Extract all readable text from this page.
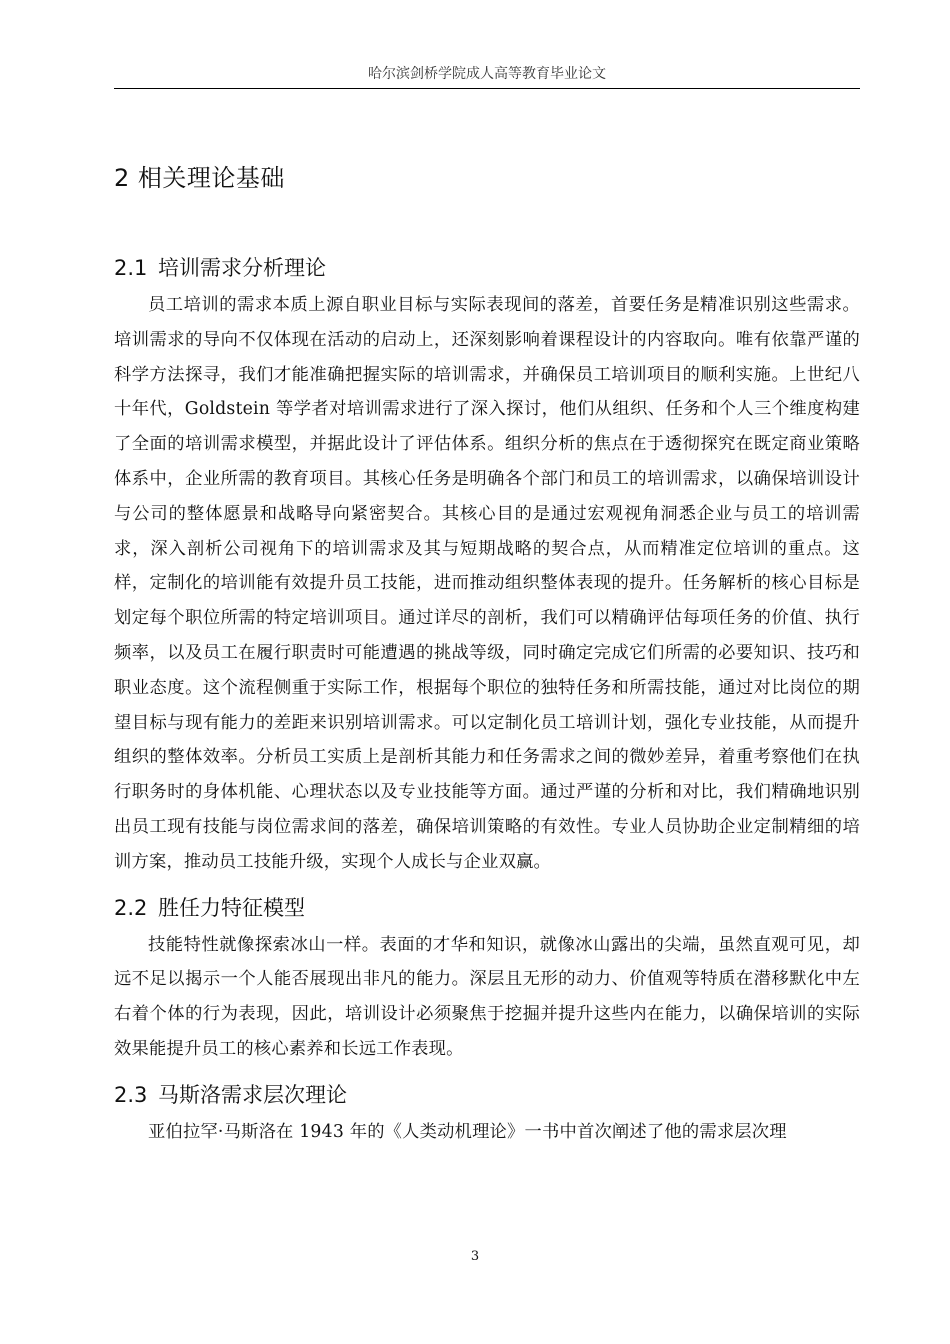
哈尔滨剑桥学院成人高等教育毕业论文
2 相关理论基础
2.1 培训需求分析理论

员工培训的需求本质上源自职业目标与实际表现间的落差，首要任务是精准识别这些需求。培训需求的导向不仅体现在活动的启动上，还深刻影响着课程设计的内容取向。唯有依靠严谨的科学方法探寻，我们才能准确把握实际的培训需求，并确保员工培训项目的顺利实施。上世纪八十年代，Goldstein 等学者对培训需求进行了深入探讨，他们从组织、任务和个人三个维度构建了全面的培训需求模型，并据此设计了评估体系。组织分析的焦点在于透彻探究在既定商业策略体系中，企业所需的教育项目。其核心任务是明确各个部门和员工的培训需求，以确保培训设计与公司的整体愿景和战略导向紧密契合。其核心目的是通过宏观视角洞悉企业与员工的培训需求，深入剖析公司视角下的培训需求及其与短期战略的契合点，从而精准定位培训的重点。这样，定制化的培训能有效提升员工技能，进而推动组织整体表现的提升。任务解析的核心目标是划定每个职位所需的特定培训项目。通过详尽的剖析，我们可以精确评估每项任务的价值、执行频率，以及员工在履行职责时可能遭遇的挑战等级，同时确定完成它们所需的必要知识、技巧和职业态度。这个流程侧重于实际工作，根据每个职位的独特任务和所需技能，通过对比岗位的期望目标与现有能力的差距来识别培训需求。可以定制化员工培训计划，强化专业技能，从而提升组织的整体效率。分析员工实质上是剖析其能力和任务需求之间的微妙差异，着重考察他们在执行职务时的身体机能、心理状态以及专业技能等方面。通过严谨的分析和对比，我们精确地识别出员工现有技能与岗位需求间的落差，确保培训策略的有效性。专业人员协助企业定制精细的培训方案，推动员工技能升级，实现个人成长与企业双赢。

2.2 胜任力特征模型

技能特性就像探索冰山一样。表面的才华和知识，就像冰山露出的尖端，虽然直观可见，却远不足以揭示一个人能否展现出非凡的能力。深层且无形的动力、价值观等特质在潜移默化中左右着个体的行为表现，因此，培训设计必须聚焦于挖掘并提升这些内在能力，以确保培训的实际效果能提升员工的核心素养和长远工作表现。

2.3 马斯洛需求层次理论

亚伯拉罕·马斯洛在 1943 年的《人类动机理论》一书中首次阐述了他的需求层次理

3
